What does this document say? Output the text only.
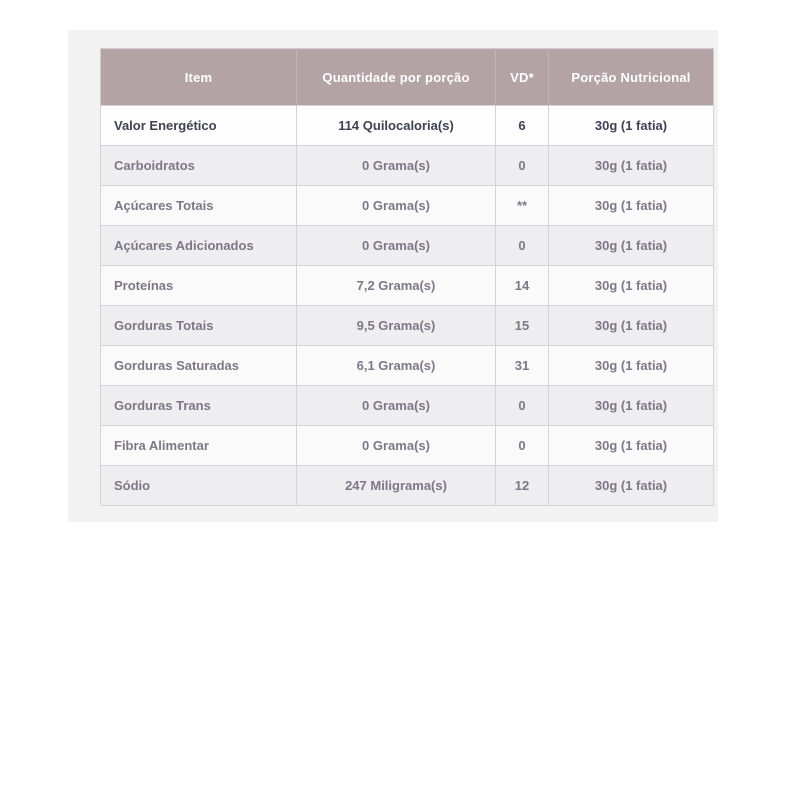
Item	Quantidade por porção	VD*	Porção Nutricional
Valor Energético	114 Quilocaloria(s)	6	30g (1 fatia)
Carboidratos	0 Grama(s)	0	30g (1 fatia)
Açúcares Totais	0 Grama(s)	**	30g (1 fatia)
Açúcares Adicionados	0 Grama(s)	0	30g (1 fatia)
Proteínas	7,2 Grama(s)	14	30g (1 fatia)
Gorduras Totais	9,5 Grama(s)	15	30g (1 fatia)
Gorduras Saturadas	6,1 Grama(s)	31	30g (1 fatia)
Gorduras Trans	0 Grama(s)	0	30g (1 fatia)
Fibra Alimentar	0 Grama(s)	0	30g (1 fatia)
Sódio	247 Miligrama(s)	12	30g (1 fatia)
